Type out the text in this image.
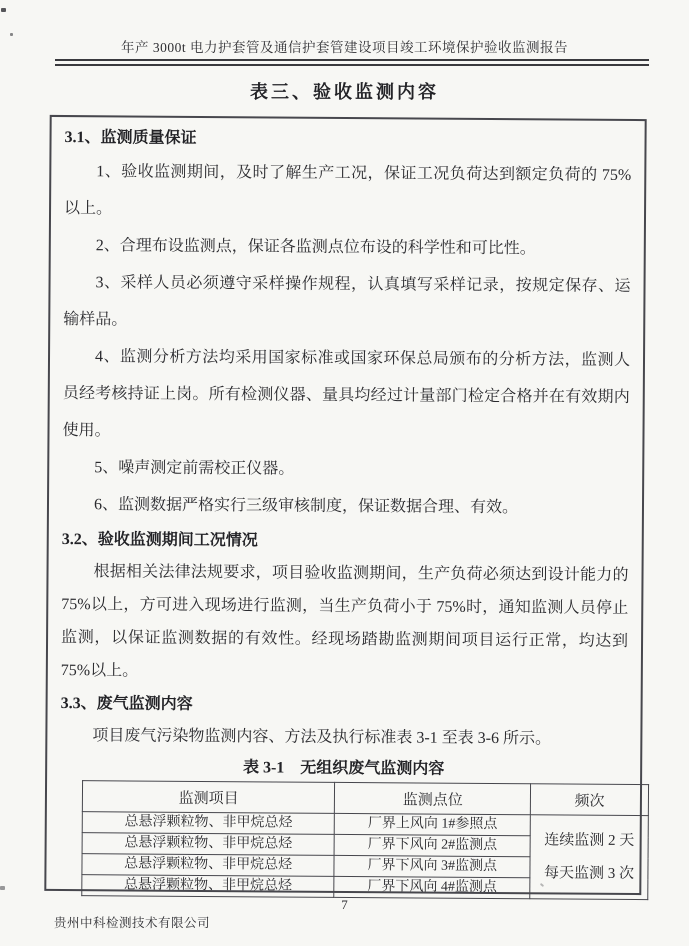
年产 3000t 电力护套管及通信护套管建设项目竣工环境保护验收监测报告
表三、验收监测内容
3.1、监测质量保证

1、验收监测期间，及时了解生产工况，保证工况负荷达到额定负荷的 75%以上。

2、合理布设监测点，保证各监测点位布设的科学性和可比性。

3、采样人员必须遵守采样操作规程，认真填写采样记录，按规定保存、运输样品。

4、监测分析方法均采用国家标准或国家环保总局颁布的分析方法，监测人员经考核持证上岗。所有检测仪器、量具均经过计量部门检定合格并在有效期内使用。

5、噪声测定前需校正仪器。

6、监测数据严格实行三级审核制度，保证数据合理、有效。

3.2、验收监测期间工况情况

根据相关法律法规要求，项目验收监测期间，生产负荷必须达到设计能力的75%以上，方可进入现场进行监测，当生产负荷小于 75%时，通知监测人员停止监测，以保证监测数据的有效性。经现场踏勘监测期间项目运行正常，均达到 75%以上。

3.3、废气监测内容

项目废气污染物监测内容、方法及执行标准表 3-1 至表 3-6 所示。

表 3-1　无组织废气监测内容
监测项目	监测点位	频次
总悬浮颗粒物、非甲烷总烃	厂界上风向 1#参照点	连续监测 2 天
每天监测 3 次

总悬浮颗粒物、非甲烷总烃	厂界下风向 2#监测点	
总悬浮颗粒物、非甲烷总烃	厂界下风向 3#监测点	
总悬浮颗粒物、非甲烷总烃	厂界下风向 4#监测点	
7
贵州中科检测技术有限公司
